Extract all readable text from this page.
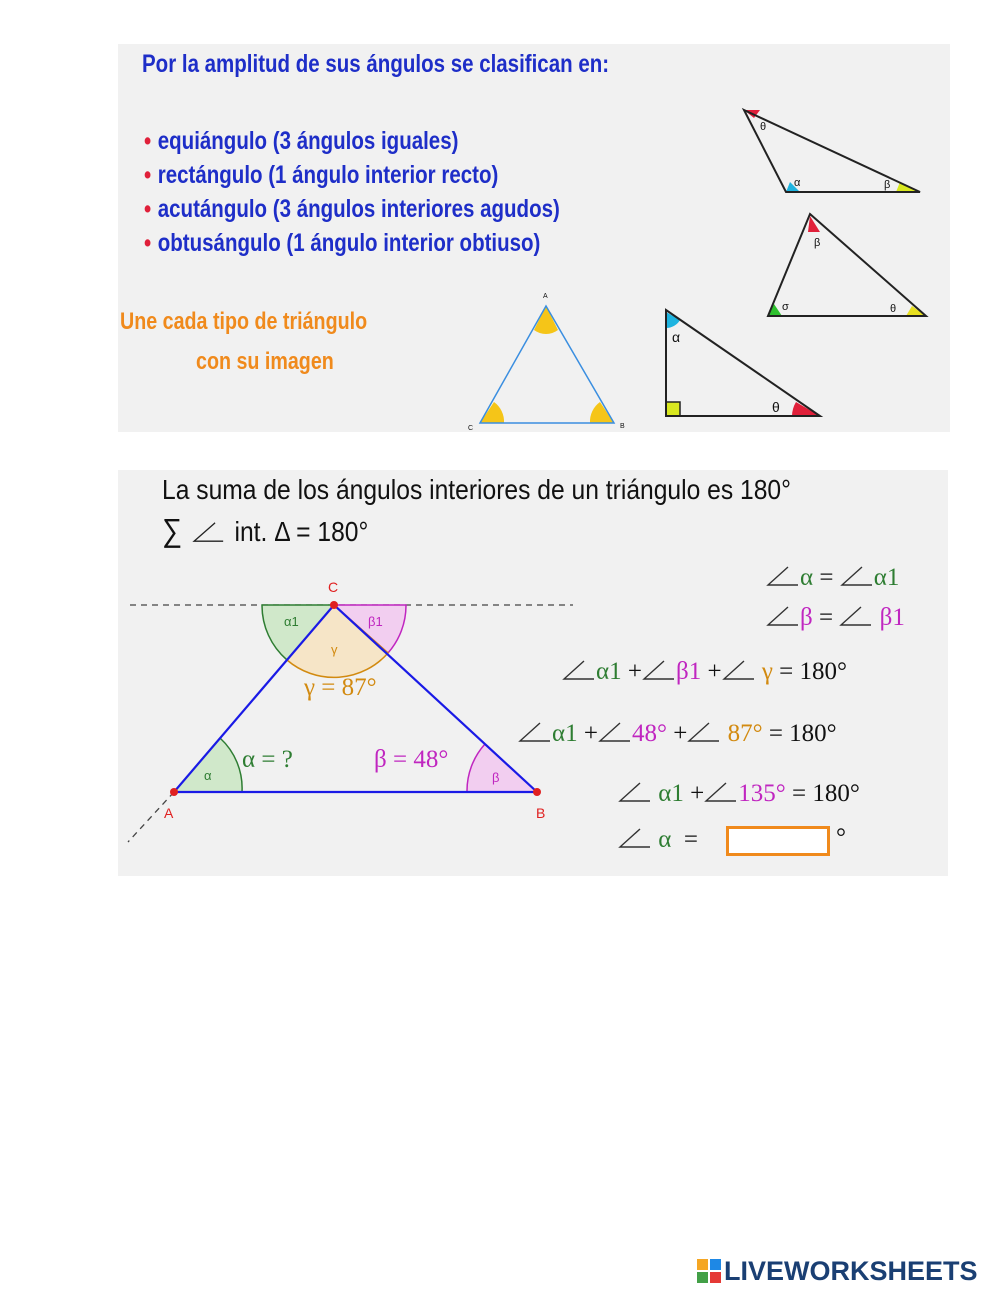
Por la amplitud de sus ángulos se clasifican en:

• equiángulo (3 ángulos iguales)
• rectángulo (1 ángulo interior recto)
• acutángulo (3 ángulos interiores agudos)
• obtusángulo (1 ángulo interior obtiuso)
Une cada tipo de triángulo
con su imagen
θ
α	β
β
σ	θ
A
B
C
α
θ
La suma de los ángulos interiores de un triángulo es 180°
∑ int. Δ = 180°
A	B
C
α1	β1
γ
α	β
γ = 87°
α = ?	β = 48°
α = α1
β = β1
α1 + β1 + γ = 180°
α1 + 48° + 87° = 180°
α1 + 135° = 180°
α =	°
LIVEWORKSHEETS
